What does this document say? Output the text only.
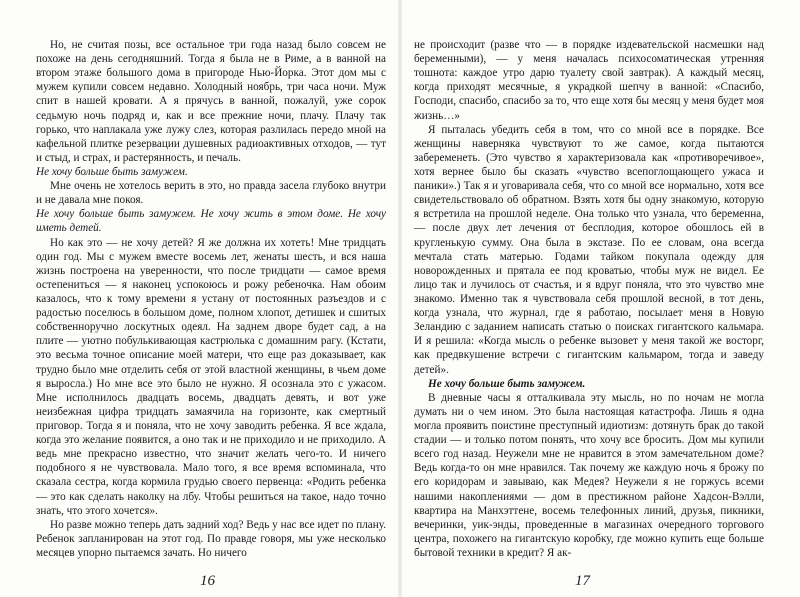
Но, не считая позы, все остальное три года назад было совсем не похоже на день сегодняшний. Тогда я была не в Риме, а в ванной на втором этаже большого дома в пригороде Нью-Йорка. Этот дом мы с мужем купили совсем недавно. Холодный ноябрь, три часа ночи. Муж спит в нашей кровати. А я прячусь в ванной, пожалуй, уже сорок седьмую ночь подряд и, как и все прежние ночи, плачу. Плачу так горько, что наплакала уже лужу слез, которая разлилась передо мной на кафельной плитке резервации душевных радиоактивных отходов, — тут и стыд, и страх, и растерянность, и печаль.

Не хочу больше быть замужем.

Мне очень не хотелось верить в это, но правда засела глубоко внутри и не давала мне покоя.

Не хочу больше быть замужем. Не хочу жить в этом доме. Не хочу иметь детей.

Но как это — не хочу детей? Я же должна их хотеть! Мне тридцать один год. Мы с мужем вместе восемь лет, женаты шесть, и вся наша жизнь построена на уверенности, что после тридцати — самое время остепениться — я наконец успокоюсь и рожу ребеночка. Нам обоим казалось, что к тому времени я устану от постоянных разъездов и с радостью поселюсь в большом доме, полном хлопот, детишек и сшитых собственноручно лоскутных одеял. На заднем дворе будет сад, а на плите — уютно побулькивающая кастрюлька с домашним рагу. (Кстати, это весьма точное описание моей матери, что еще раз доказывает, как трудно было мне отделить себя от этой властной женщины, в чьем доме я выросла.) Но мне все это было не нужно. Я осознала это с ужасом. Мне исполнилось двадцать восемь, двадцать девять, и вот уже неизбежная цифра тридцать замаячила на горизонте, как смертный приговор. Тогда я и поняла, что не хочу заводить ребенка. Я все ждала, когда это желание появится, а оно так и не приходило и не приходило. А ведь мне прекрасно известно, что значит желать чего-то. И ничего подобного я не чувствовала. Мало того, я все время вспоминала, что сказала сестра, когда кормила грудью своего первенца: «Родить ребенка — это как сделать наколку на лбу. Чтобы решиться на такое, надо точно знать, что этого хочется».

Но разве можно теперь дать задний ход? Ведь у нас все идет по плану. Ребенок запланирован на этот год. По правде говоря, мы уже несколько месяцев упорно пытаемся зачать. Но ничего

не происходит (разве что — в порядке издевательской насмешки над беременными), — у меня началась психосоматическая утренняя тошнота: каждое утро дарю туалету свой завтрак). А каждый месяц, когда приходят месячные, я украдкой шепчу в ванной: «Спасибо, Господи, спасибо, спасибо за то, что еще хотя бы месяц у меня будет моя жизнь…»

Я пыталась убедить себя в том, что со мной все в порядке. Все женщины наверняка чувствуют то же самое, когда пытаются забеременеть. (Это чувство я характеризовала как «противоречивое», хотя вернее было бы сказать «чувство всепоглощающего ужаса и паники».) Так я и уговаривала себя, что со мной все нормально, хотя все свидетельствовало об обратном. Взять хотя бы одну знакомую, которую я встретила на прошлой неделе. Она только что узнала, что беременна, — после двух лет лечения от бесплодия, которое обошлось ей в кругленькую сумму. Она была в экстазе. По ее словам, она всегда мечтала стать матерью. Годами тайком покупала одежду для новорожденных и прятала ее под кроватью, чтобы муж не видел. Ее лицо так и лучилось от счастья, и я вдруг поняла, что это чувство мне знакомо. Именно так я чувствовала себя прошлой весной, в тот день, когда узнала, что журнал, где я работаю, посылает меня в Новую Зеландию с заданием написать статью о поисках гигантского кальмара. И я решила: «Когда мысль о ребенке вызовет у меня такой же восторг, как предвкушение встречи с гигантским кальмаром, тогда и заведу детей».

Не хочу больше быть замужем.

В дневные часы я отталкивала эту мысль, но по ночам не могла думать ни о чем ином. Это была настоящая катастрофа. Лишь я одна могла проявить поистине преступный идиотизм: дотянуть брак до такой стадии — и только потом понять, что хочу все бросить. Дом мы купили всего год назад. Неужели мне не нравится в этом замечательном доме? Ведь когда-то он мне нравился. Так почему же каждую ночь я брожу по его коридорам и завываю, как Медея? Неужели я не горжусь всеми нашими накоплениями — дом в престижном районе Хадсон-Вэлли, квартира на Манхэттене, восемь телефонных линий, друзья, пикники, вечеринки, уик-энды, проведенные в магазинах очередного торгового центра, похожего на гигантскую коробку, где можно купить еще больше бытовой техники в кредит? Я ак-

16	17
